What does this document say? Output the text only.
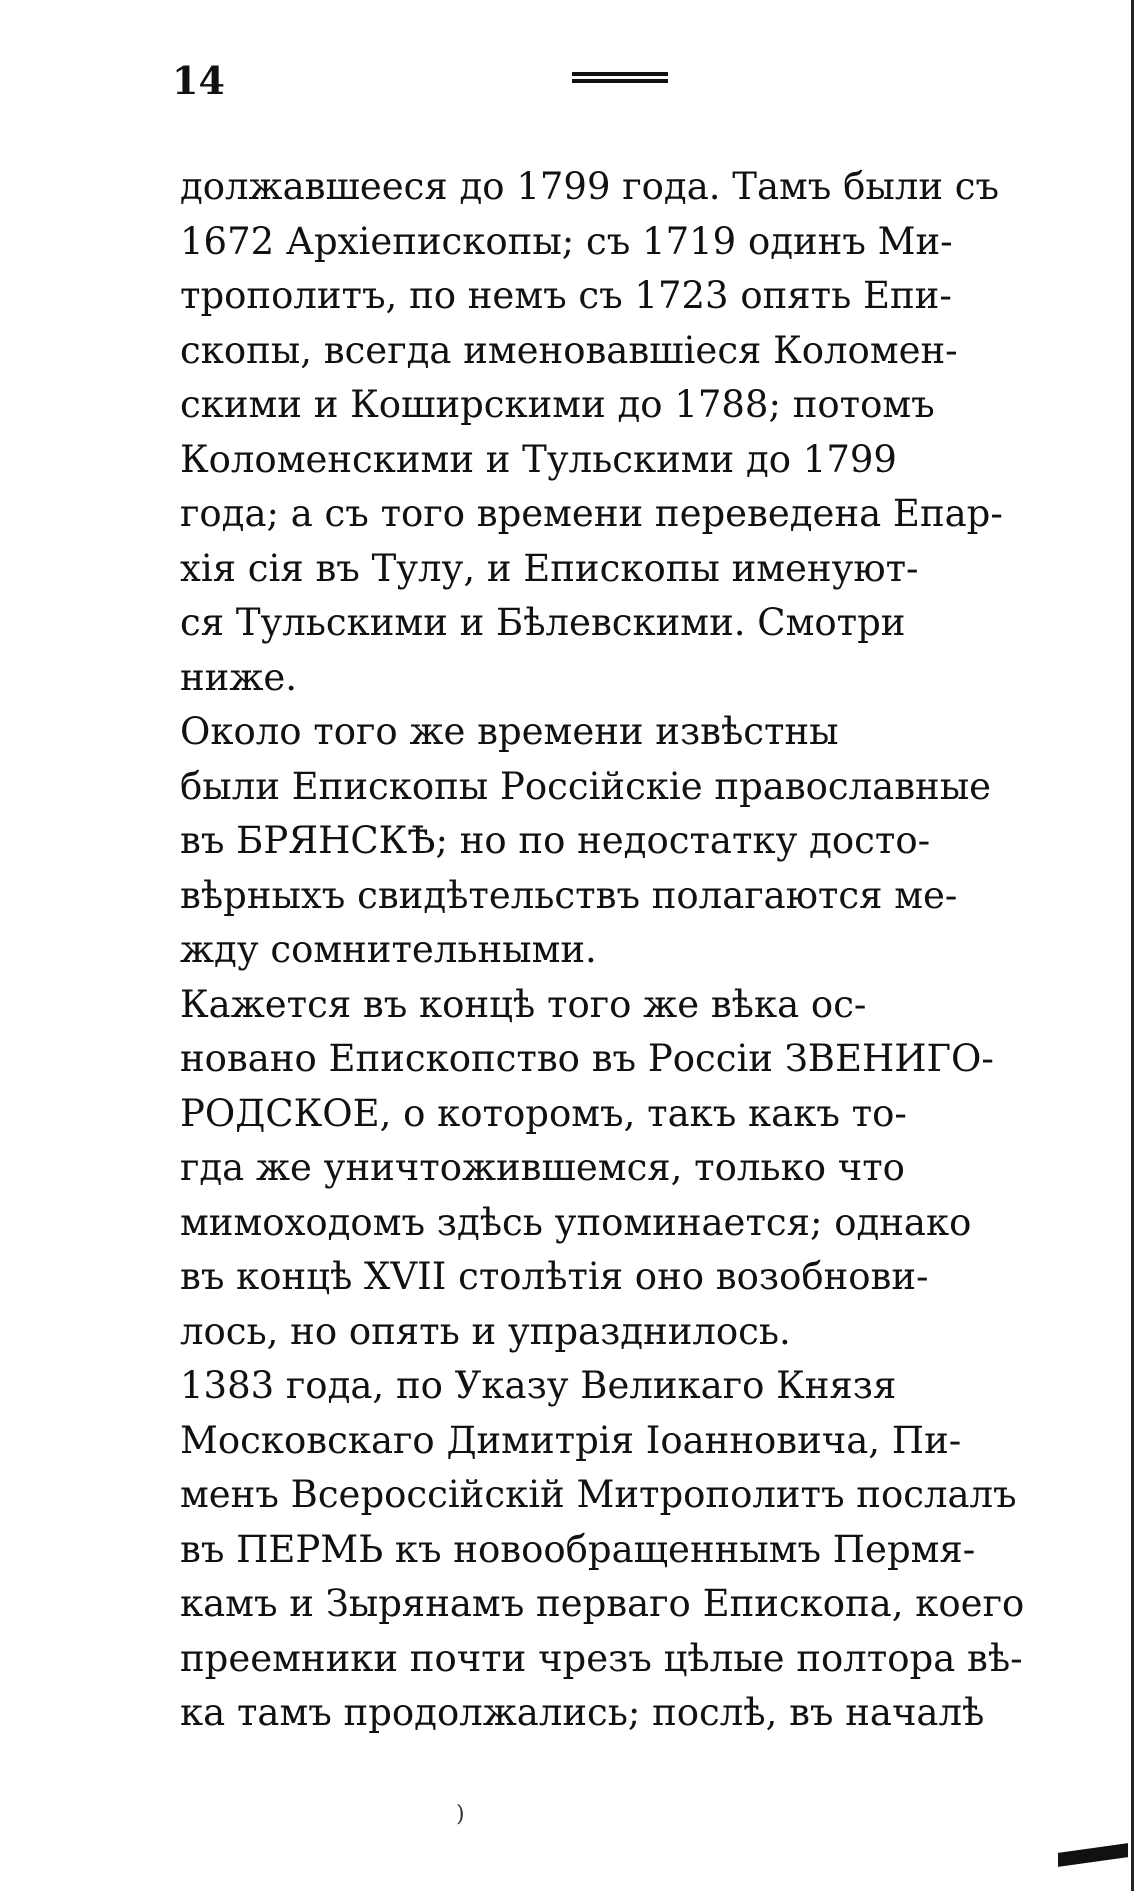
14

должавшееся до 1799 года. Тамъ были съ
1672 Архіепископы; съ 1719 одинъ Ми-
трополитъ, по немъ съ 1723 опять Епи-
скопы, всегда именовавшіеся Коломен-
скими и Коширскими до 1788; потомъ
Коломенскими и Тульскими до 1799
года; а съ того времени переведена Епар-
хія сія въ Тулу, и Епископы именуют-
ся Тульскими и Бѣлевскими. Смотри
ниже.

Около того же времени извѣстны
были Епископы Россійскіе православные
въ БРЯНСКѢ; но по недостатку досто-
вѣрныхъ свидѣтельствъ полагаются ме-
жду сомнительными.

Кажется въ концѣ того же вѣка ос-
новано Епископство въ Россіи ЗВЕНИГО-
РОДСКОЕ, о которомъ, такъ какъ то-
гда же уничтожившемся, только что
мимоходомъ здѣсь упоминается; однако
въ концѣ XVII столѣтія оно возобнови-
лось, но опять и упразднилось.

1383 года, по Указу Великаго Князя
Московскаго Димитрія Іоанновича, Пи-
менъ Всероссійскій Митрополитъ послалъ
въ ПЕРМЬ къ новообращеннымъ Пермя-
камъ и Зырянамъ перваго Епископа, коего
преемники почти чрезъ цѣлые полтора вѣ-
ка тамъ продолжались; послѣ, въ началѣ

)
